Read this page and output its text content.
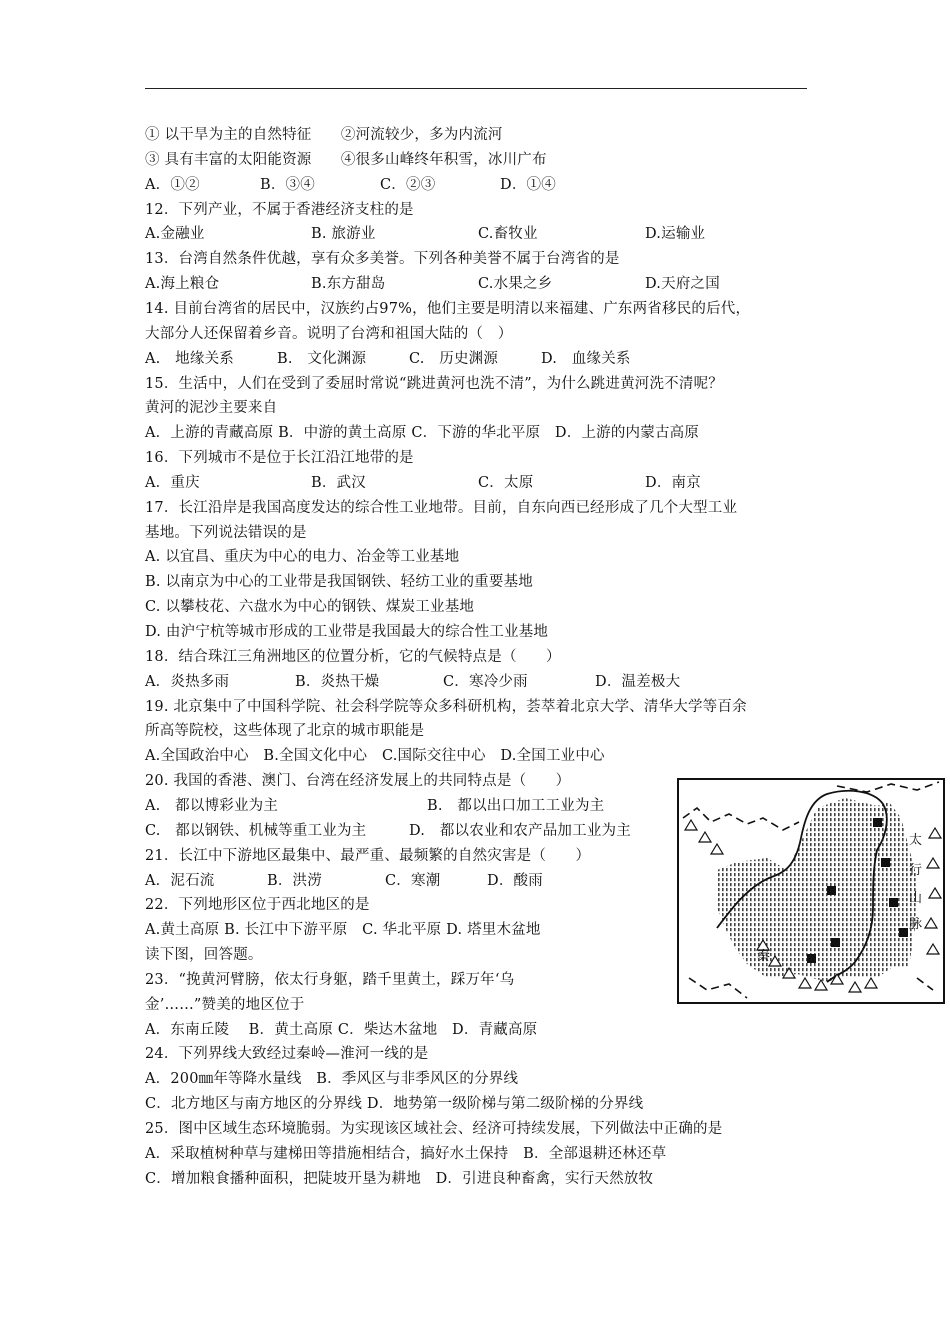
① 以干旱为主的自然特征　　②河流较少，多为内流河
③ 具有丰富的太阳能资源　　④很多山峰终年积雪，冰川广布
A．①②	B．③④	C．②③	D．①④
12．下列产业，不属于香港经济支柱的是
A.金融业	B. 旅游业	C.畜牧业	D.运输业
13．台湾自然条件优越，享有众多美誉。下列各种美誉不属于台湾省的是
A.海上粮仓	B.东方甜岛	C.水果之乡	D.天府之国
14. 目前台湾省的居民中，汉族约占97%，他们主要是明清以来福建、广东两省移民的后代，
大部分人还保留着乡音。说明了台湾和祖国大陆的（　）
A.　地缘关系	B.　文化渊源	C.　历史渊源	D.　血缘关系
15．生活中，人们在受到了委屈时常说“跳进黄河也洗不清”，为什么跳进黄河洗不清呢？
黄河的泥沙主要来自
A．上游的青藏高原 B．中游的黄土高原 C．下游的华北平原　D．上游的内蒙古高原
16．下列城市不是位于长江沿江地带的是
A．重庆	B．武汉	C．太原	D．南京
17．长江沿岸是我国高度发达的综合性工业地带。目前，自东向西已经形成了几个大型工业
基地。下列说法错误的是
A. 以宜昌、重庆为中心的电力、冶金等工业基地
B. 以南京为中心的工业带是我国钢铁、轻纺工业的重要基地
C. 以攀枝花、六盘水为中心的钢铁、煤炭工业基地
D. 由沪宁杭等城市形成的工业带是我国最大的综合性工业基地
18．结合珠江三角洲地区的位置分析，它的气候特点是（　　）
A．炎热多雨	B．炎热干燥	C．寒冷少雨	D．温差极大
19. 北京集中了中国科学院、社会科学院等众多科研机构，荟萃着北京大学、清华大学等百余
所高等院校，这些体现了北京的城市职能是
A.全国政治中心　B.全国文化中心　C.国际交往中心　D.全国工业中心
20. 我国的香港、澳门、台湾在经济发展上的共同特点是（　　）
A.　都以博彩业为主	B.　都以出口加工工业为主
C.　都以钢铁、机械等重工业为主	D.　都以农业和农产品加工业为主
21．长江中下游地区最集中、最严重、最频繁的自然灾害是（　　）
A．泥石流	B．洪涝	C．寒潮	D．酸雨
22．下列地形区位于西北地区的是
A.黄土高原 B. 长江中下游平原　C. 华北平原 D. 塔里木盆地
读下图，回答题。
23．“挽黄河臂膀，依太行身躯，踏千里黄土，踩万年‘乌
金’……”赞美的地区位于
A．东南丘陵　 B．黄土高原 C．柴达木盆地　D．青藏高原
24．下列界线大致经过秦岭—淮河一线的是
A．200㎜年等降水量线　B．季风区与非季风区的分界线
C．北方地区与南方地区的分界线 D．地势第一级阶梯与第二级阶梯的分界线
25．图中区域生态环境脆弱。为实现该区域社会、经济可持续发展，下列做法中正确的是
A．采取植树种草与建梯田等措施相结合，搞好水土保持　B．全部退耕还林还草
C．增加粮食播种面积，把陡坡开垦为耕地　D．引进良种畜禽，实行天然放牧
秦
太
行
山
脉
